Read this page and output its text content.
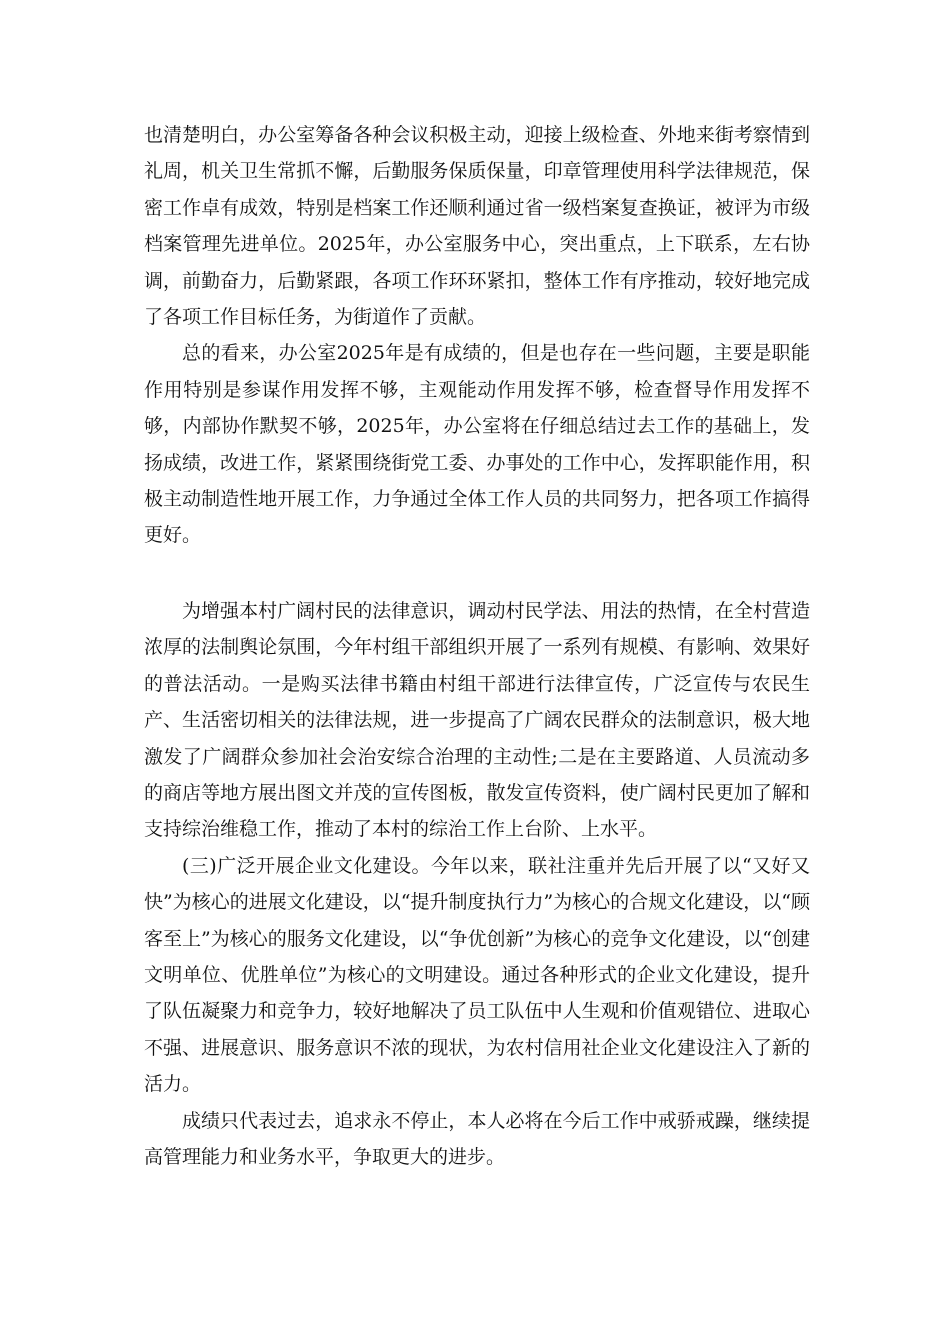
也清楚明白，办公室筹备各种会议积极主动，迎接上级检查、外地来街考察情到礼周，机关卫生常抓不懈，后勤服务保质保量，印章管理使用科学法律规范，保密工作卓有成效，特别是档案工作还顺利通过省一级档案复查换证，被评为市级档案管理先进单位。2025年，办公室服务中心，突出重点，上下联系，左右协调，前勤奋力，后勤紧跟，各项工作环环紧扣，整体工作有序推动，较好地完成了各项工作目标任务，为街道作了贡献。

总的看来，办公室2025年是有成绩的，但是也存在一些问题，主要是职能作用特别是参谋作用发挥不够，主观能动作用发挥不够，检查督导作用发挥不够，内部协作默契不够，2025年，办公室将在仔细总结过去工作的基础上，发扬成绩，改进工作，紧紧围绕街党工委、办事处的工作中心，发挥职能作用，积极主动制造性地开展工作，力争通过全体工作人员的共同努力，把各项工作搞得更好。

为增强本村广阔村民的法律意识，调动村民学法、用法的热情，在全村营造浓厚的法制舆论氛围，今年村组干部组织开展了一系列有规模、有影响、效果好的普法活动。一是购买法律书籍由村组干部进行法律宣传，广泛宣传与农民生产、生活密切相关的法律法规，进一步提高了广阔农民群众的法制意识，极大地激发了广阔群众参加社会治安综合治理的主动性;二是在主要路道、人员流动多的商店等地方展出图文并茂的宣传图板，散发宣传资料，使广阔村民更加了解和支持综治维稳工作，推动了本村的综治工作上台阶、上水平。

(三)广泛开展企业文化建设。今年以来，联社注重并先后开展了以“又好又快”为核心的进展文化建设，以“提升制度执行力”为核心的合规文化建设，以“顾客至上”为核心的服务文化建设，以“争优创新”为核心的竞争文化建设，以“创建文明单位、优胜单位”为核心的文明建设。通过各种形式的企业文化建设，提升了队伍凝聚力和竞争力，较好地解决了员工队伍中人生观和价值观错位、进取心不强、进展意识、服务意识不浓的现状，为农村信用社企业文化建设注入了新的活力。

成绩只代表过去，追求永不停止，本人必将在今后工作中戒骄戒躁，继续提高管理能力和业务水平，争取更大的进步。
